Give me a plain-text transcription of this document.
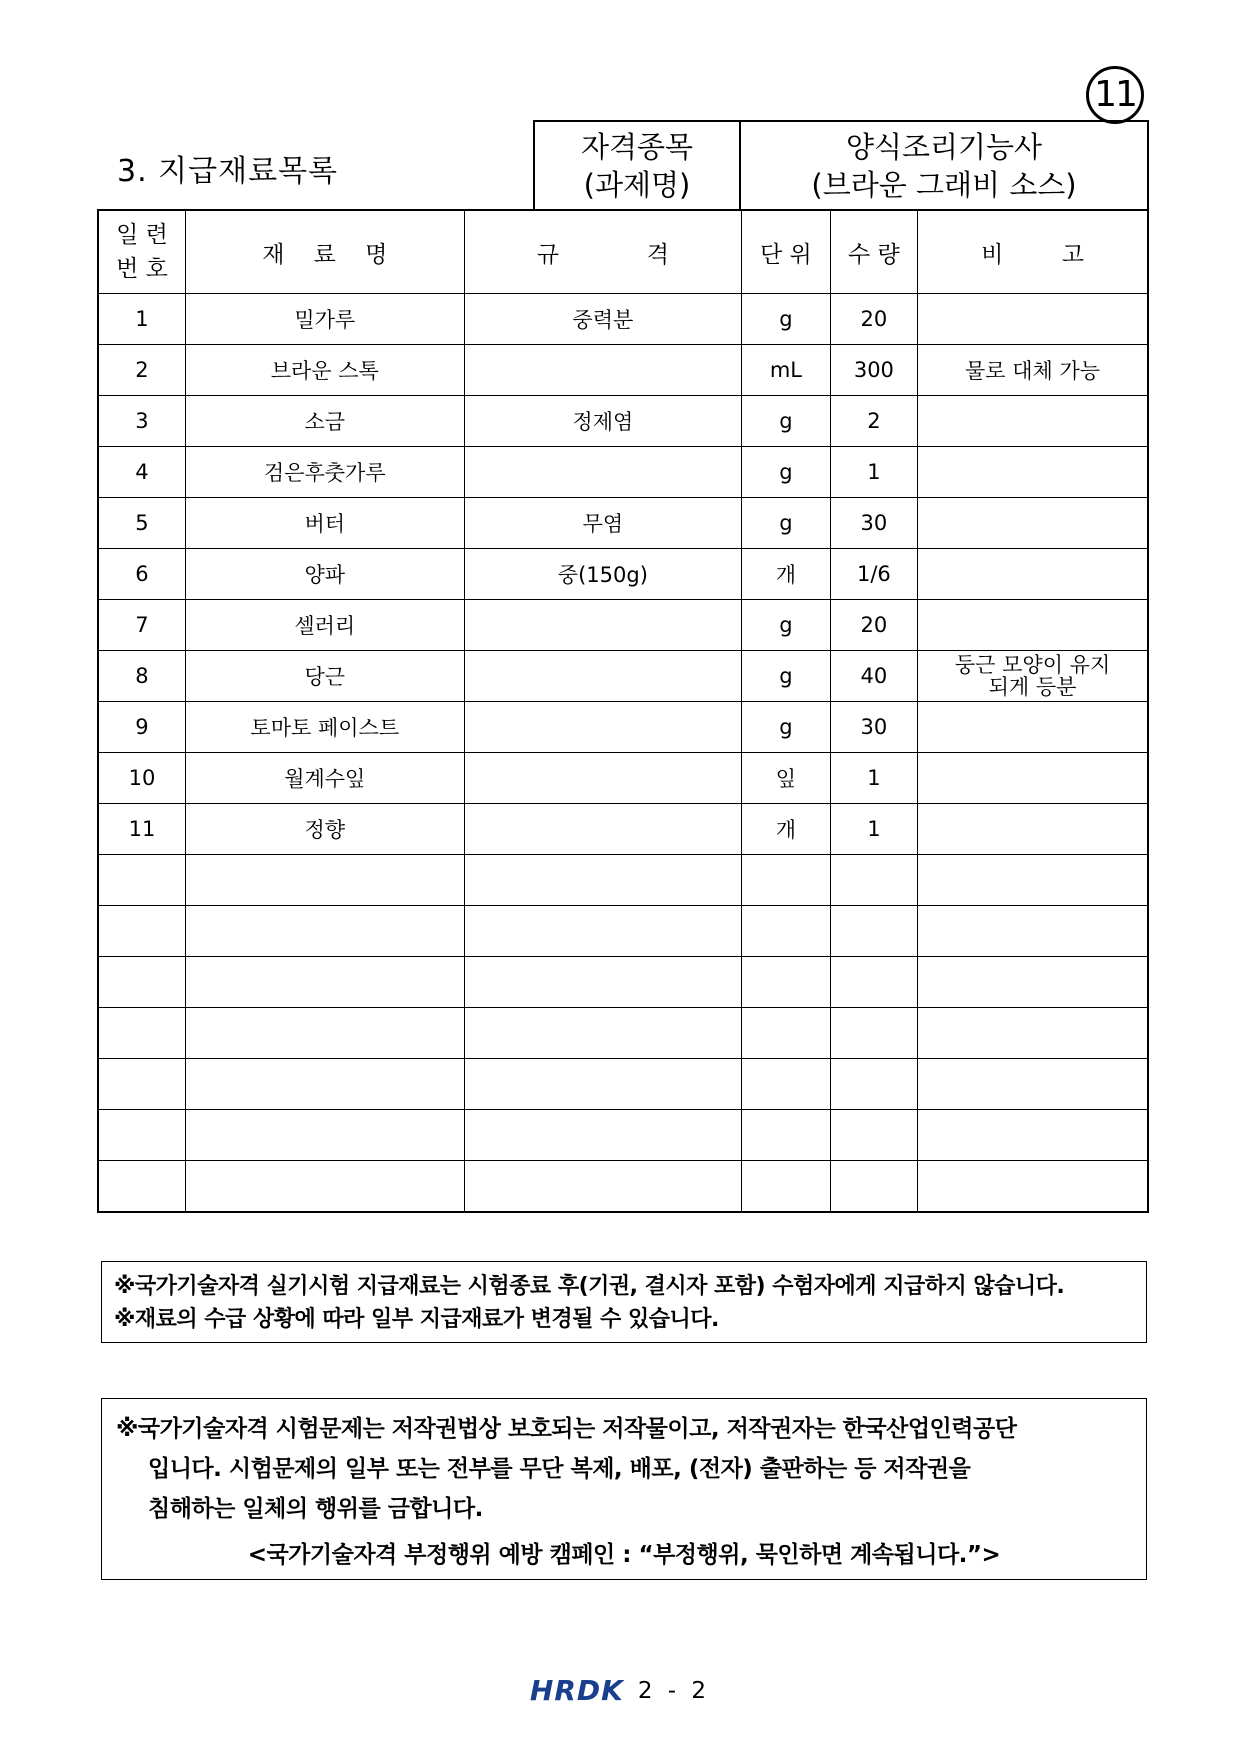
11
3. 지급재료목록
자격종목
(과제명)
양식조리기능사
(브라운 그래비 소스)
일 련
번 호	재    료    명	규            격	단 위	수 량	비        고
1	밀가루	중력분	g	20	
2	브라운 스톡		mL	300	물로 대체 가능
3	소금	정제염	g	2	
4	검은후춧가루		g	1	
5	버터	무염	g	30	
6	양파	중(150g)	개	1/6	
7	셀러리		g	20	
8	당근		g	40	둥근 모양이 유지
되게 등분

9	토마토 페이스트		g	30	
10	월계수잎		잎	1	
11	정향		개	1	

※국가기술자격 실기시험 지급재료는 시험종료 후(기권, 결시자 포함) 수험자에게 지급하지 않습니다.
※재료의 수급 상황에 따라 일부 지급재료가 변경될 수 있습니다.
※국가기술자격 시험문제는 저작권법상 보호되는 저작물이고, 저작권자는 한국산업인력공단
입니다. 시험문제의 일부 또는 전부를 무단 복제, 배포, (전자) 출판하는 등 저작권을
침해하는 일체의 행위를 금합니다.
<국가기술자격 부정행위 예방 캠페인 : “부정행위, 묵인하면 계속됩니다.”>
HRDK 2 - 2
